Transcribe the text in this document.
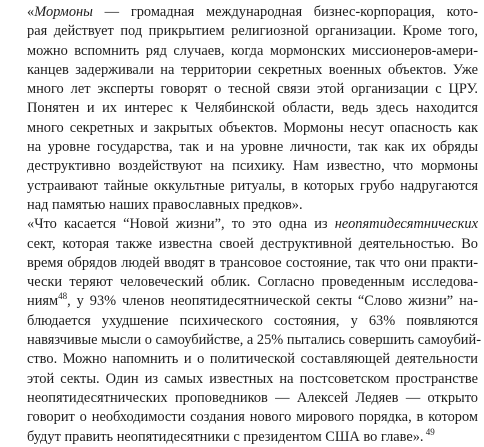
«Мормоны — громадная международная бизнес-корпорация, кото-
рая действует под прикрытием религиозной организации. Кроме того,
можно вспомнить ряд случаев, когда мормонских миссионеров-амери-
канцев задерживали на территории секретных военных объектов. Уже
много лет эксперты говорят о тесной связи этой организации с ЦРУ.
Понятен и их интерес к Челябинской области, ведь здесь находится
много секретных и закрытых объектов. Мормоны несут опасность как
на уровне государства, так и на уровне личности, так как их обряды
деструктивно воздействуют на психику. Нам известно, что мормоны
устраивают тайные оккультные ритуалы, в которых грубо надругаются
над памятью наших православных предков».

«Что касается “Новой жизни”, то это одна из неопятидесятнических
сект, которая также известна своей деструктивной деятельностью. Во
время обрядов людей вводят в трансовое состояние, так что они практи-
чески теряют человеческий облик. Согласно проведенным исследова-
ниям$^{48}$, у 93% членов неопятидесятнической секты “Слово жизни” на-
блюдается ухудшение психического состояния, у 63% появляются
навязчивые мысли о самоубийстве, а 25% пытались совершить самоубий-
ство. Можно напомнить и о политической составляющей деятельности
этой секты. Один из самых известных на постсоветском пространстве
неопятидесятнических проповедников — Алексей Ледяев — открыто
говорит о необходимости создания нового мирового порядка, в котором
будут править неопятидесятники с президентом США во главе». $^{49}$
